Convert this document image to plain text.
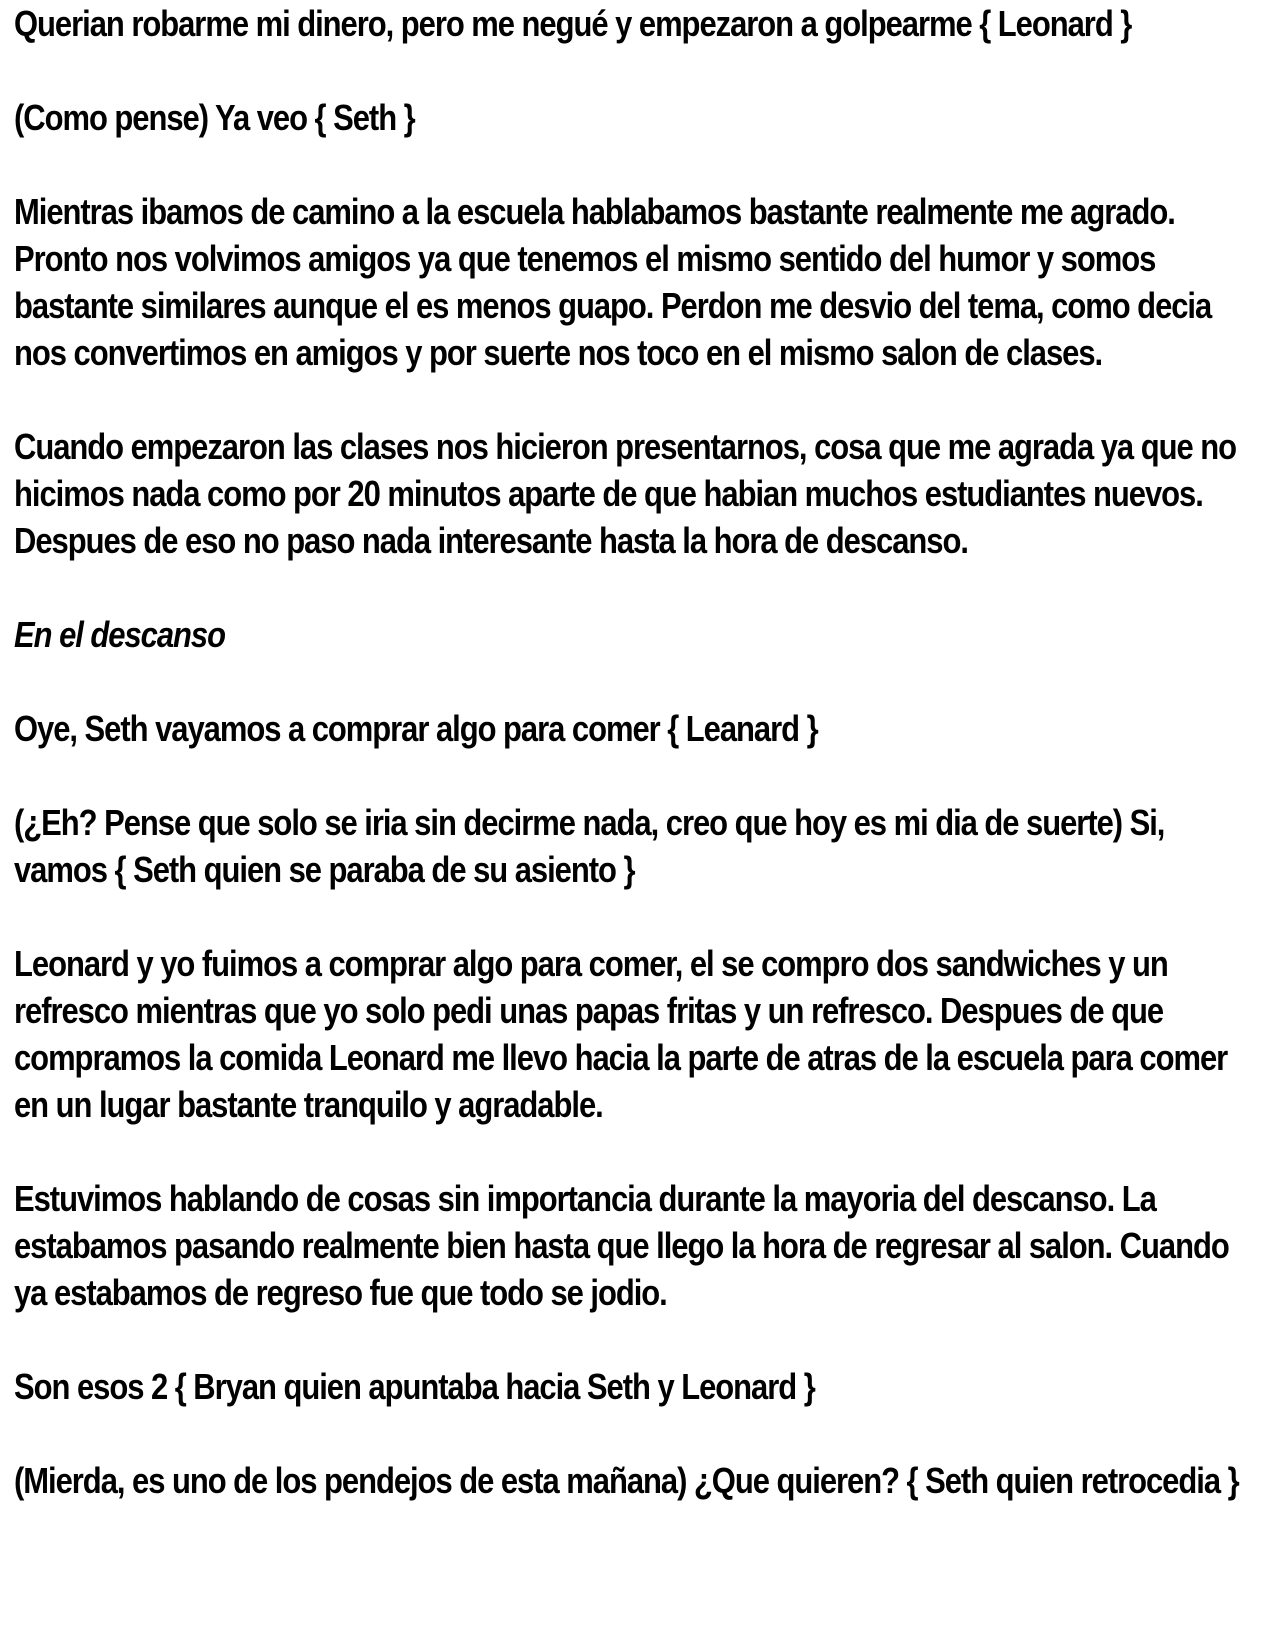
Querian robarme mi dinero, pero me negué y empezaron a golpearme { Leonard }

(Como pense) Ya veo { Seth }

Mientras ibamos de camino a la escuela hablabamos bastante realmente me agrado. Pronto nos volvimos amigos ya que tenemos el mismo sentido del humor y somos bastante similares aunque el es menos guapo. Perdon me desvio del tema, como decia nos convertimos en amigos y por suerte nos toco en el mismo salon de clases.

Cuando empezaron las clases nos hicieron presentarnos, cosa que me agrada ya que no hicimos nada como por 20 minutos aparte de que habian muchos estudiantes nuevos. Despues de eso no paso nada interesante hasta la hora de descanso.

En el descanso

Oye, Seth vayamos a comprar algo para comer { Leanard }

(¿Eh? Pense que solo se iria sin decirme nada, creo que hoy es mi dia de suerte) Si, vamos { Seth quien se paraba de su asiento }

Leonard y yo fuimos a comprar algo para comer, el se compro dos sandwiches y un refresco mientras que yo solo pedi unas papas fritas y un refresco. Despues de que compramos la comida Leonard me llevo hacia la parte de atras de la escuela para comer en un lugar bastante tranquilo y agradable.

Estuvimos hablando de cosas sin importancia durante la mayoria del descanso. La estabamos pasando realmente bien hasta que llego la hora de regresar al salon. Cuando ya estabamos de regreso fue que todo se jodio.

Son esos 2 { Bryan quien apuntaba hacia Seth y Leonard }

(Mierda, es uno de los pendejos de esta mañana) ¿Que quieren? { Seth quien retrocedia }
